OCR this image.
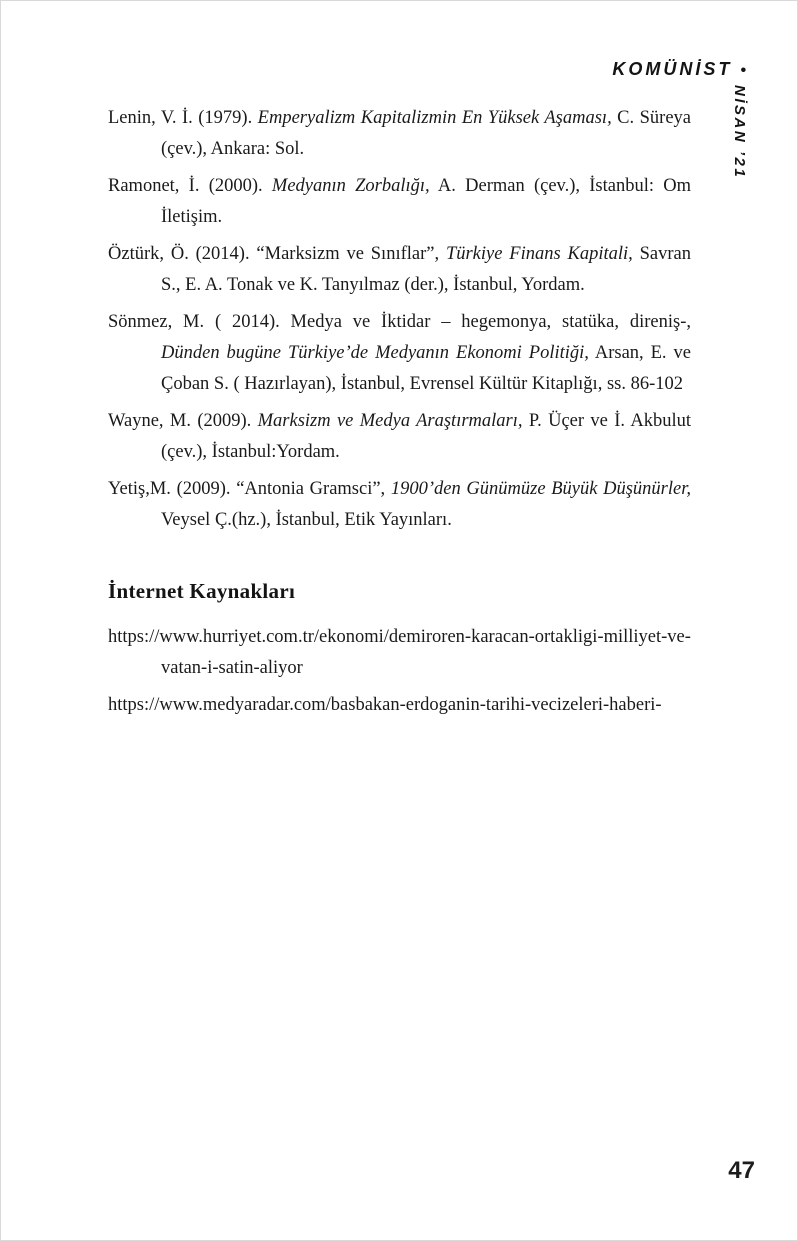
KOMÜNİST •
NİSAN ’21

Lenin, V. İ. (1979). Emperyalizm Kapitalizmin En Yüksek Aşaması, C. Süreya (çev.), Ankara: Sol.

Ramonet, İ. (2000). Medyanın Zorbalığı, A. Derman (çev.), İstanbul: Om İletişim.

Öztürk, Ö. (2014). “Marksizm ve Sınıflar”, Türkiye Finans Kapitali, Savran S., E. A. Tonak ve K. Tanyılmaz (der.), İstanbul, Yordam.

Sönmez, M. ( 2014). Medya ve İktidar – hegemonya, statüka, direniş-, Dünden bugüne Türkiye’de Medyanın Ekonomi Politiği, Arsan, E. ve Çoban S. ( Hazırlayan), İstanbul, Evrensel Kültür Kitaplığı, ss. 86-102

Wayne, M. (2009). Marksizm ve Medya Araştırmaları, P. Üçer ve İ. Akbulut (çev.), İstanbul:Yordam.

Yetiş,M. (2009). “Antonia Gramsci”, 1900’den Günümüze Büyük Düşünürler, Veysel Ç.(hz.), İstanbul, Etik Yayınları.

İnternet Kaynakları

https://www.hurriyet.com.tr/ekonomi/demiroren-karacan-ortakligi-milliyet-ve-vatan-i-satin-aliyor

https://www.medyaradar.com/basbakan-erdoganin-tarihi-vecizeleri-haberi-

47
